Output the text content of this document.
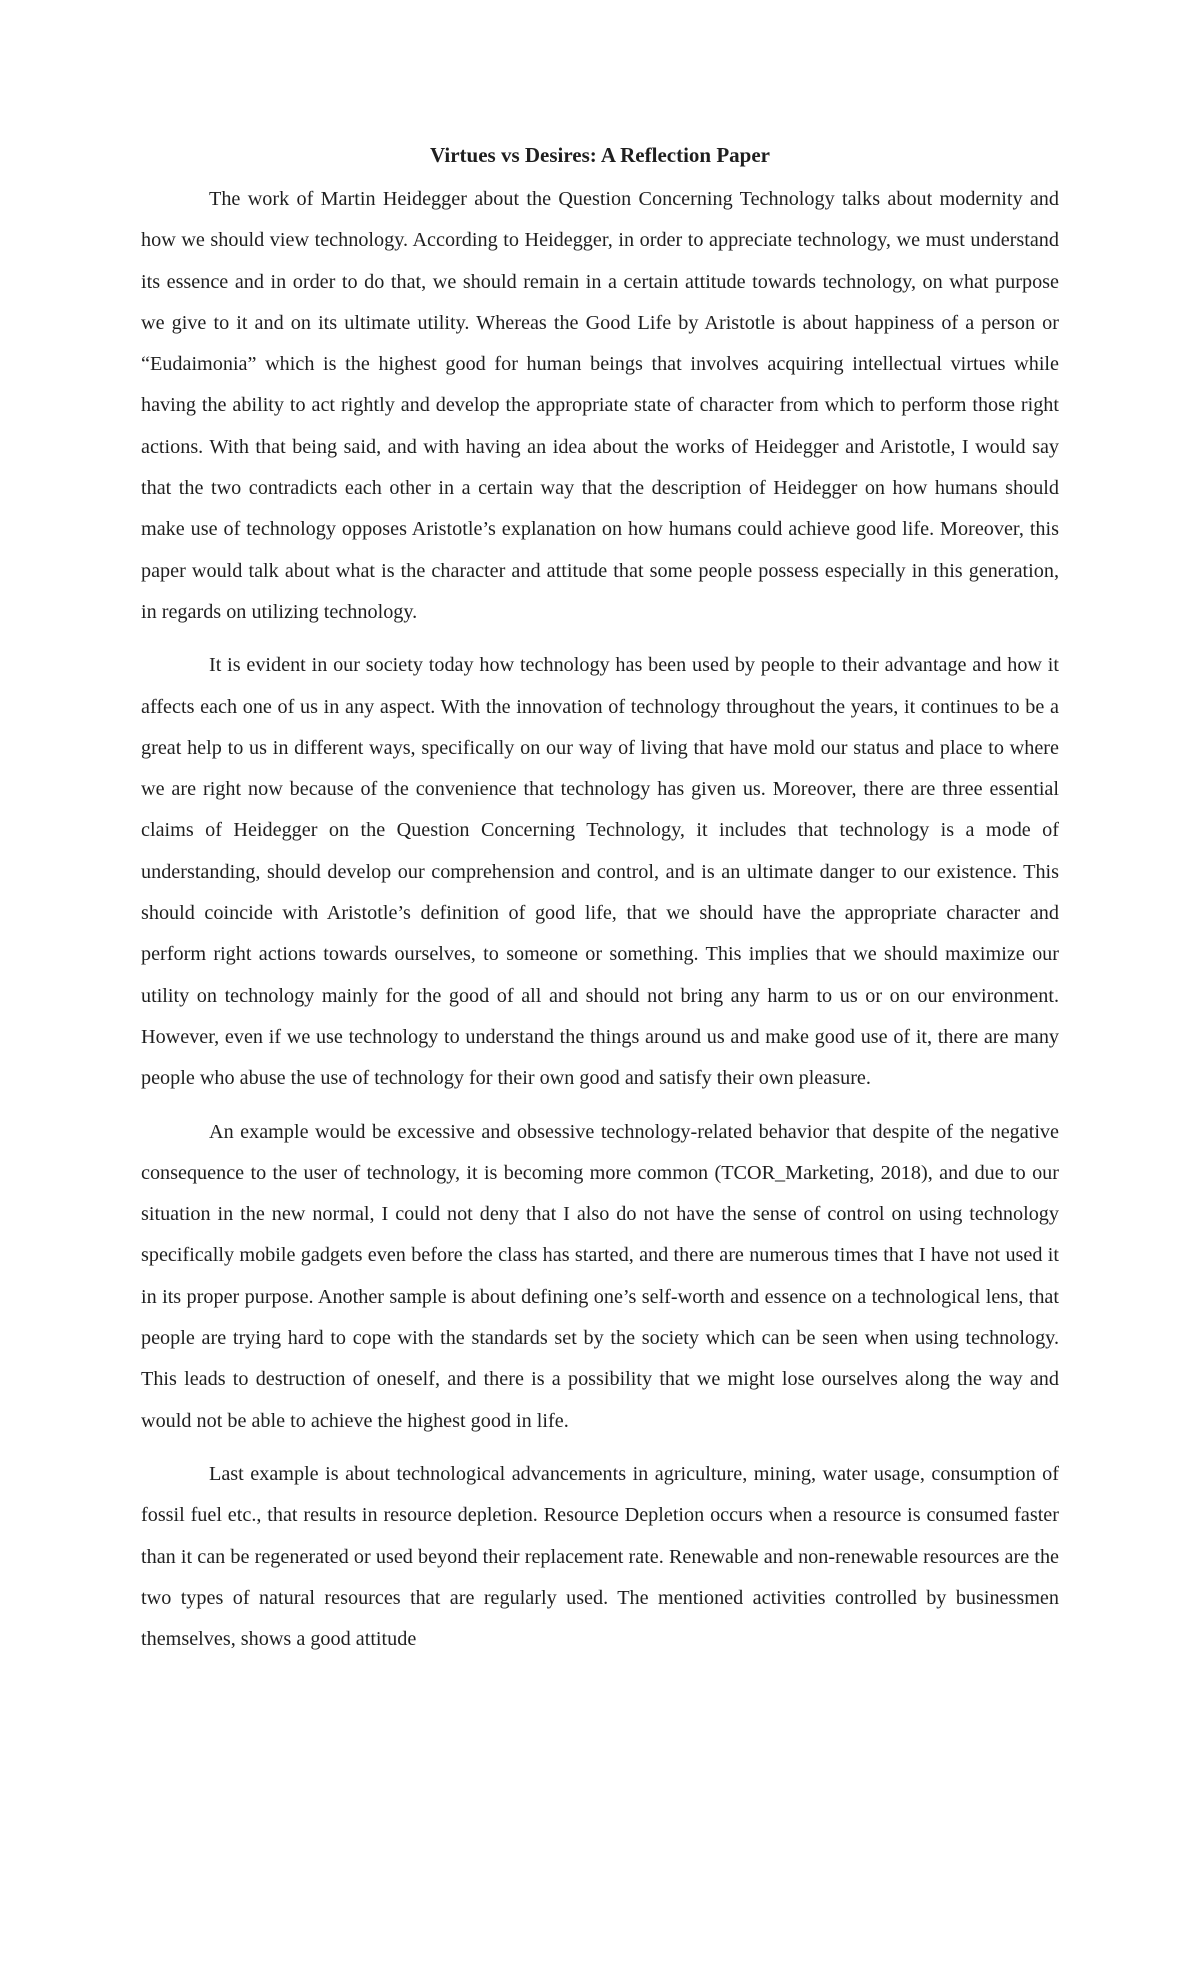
Virtues vs Desires: A Reflection Paper

The work of Martin Heidegger about the Question Concerning Technology talks about modernity and how we should view technology. According to Heidegger, in order to appreciate technology, we must understand its essence and in order to do that, we should remain in a certain attitude towards technology, on what purpose we give to it and on its ultimate utility. Whereas the Good Life by Aristotle is about happiness of a person or “Eudaimonia” which is the highest good for human beings that involves acquiring intellectual virtues while having the ability to act rightly and develop the appropriate state of character from which to perform those right actions. With that being said, and with having an idea about the works of Heidegger and Aristotle, I would say that the two contradicts each other in a certain way that the description of Heidegger on how humans should make use of technology opposes Aristotle’s explanation on how humans could achieve good life. Moreover, this paper would talk about what is the character and attitude that some people possess especially in this generation, in regards on utilizing technology.

It is evident in our society today how technology has been used by people to their advantage and how it affects each one of us in any aspect. With the innovation of technology throughout the years, it continues to be a great help to us in different ways, specifically on our way of living that have mold our status and place to where we are right now because of the convenience that technology has given us. Moreover, there are three essential claims of Heidegger on the Question Concerning Technology, it includes that technology is a mode of understanding, should develop our comprehension and control, and is an ultimate danger to our existence. This should coincide with Aristotle’s definition of good life, that we should have the appropriate character and perform right actions towards ourselves, to someone or something. This implies that we should maximize our utility on technology mainly for the good of all and should not bring any harm to us or on our environment. However, even if we use technology to understand the things around us and make good use of it, there are many people who abuse the use of technology for their own good and satisfy their own pleasure.

An example would be excessive and obsessive technology-related behavior that despite of the negative consequence to the user of technology, it is becoming more common (TCOR_Marketing, 2018), and due to our situation in the new normal, I could not deny that I also do not have the sense of control on using technology specifically mobile gadgets even before the class has started, and there are numerous times that I have not used it in its proper purpose. Another sample is about defining one’s self-worth and essence on a technological lens, that people are trying hard to cope with the standards set by the society which can be seen when using technology. This leads to destruction of oneself, and there is a possibility that we might lose ourselves along the way and would not be able to achieve the highest good in life.

Last example is about technological advancements in agriculture, mining, water usage, consumption of fossil fuel etc., that results in resource depletion. Resource Depletion occurs when a resource is consumed faster than it can be regenerated or used beyond their replacement rate. Renewable and non-renewable resources are the two types of natural resources that are regularly used. The mentioned activities controlled by businessmen themselves, shows a good attitude
